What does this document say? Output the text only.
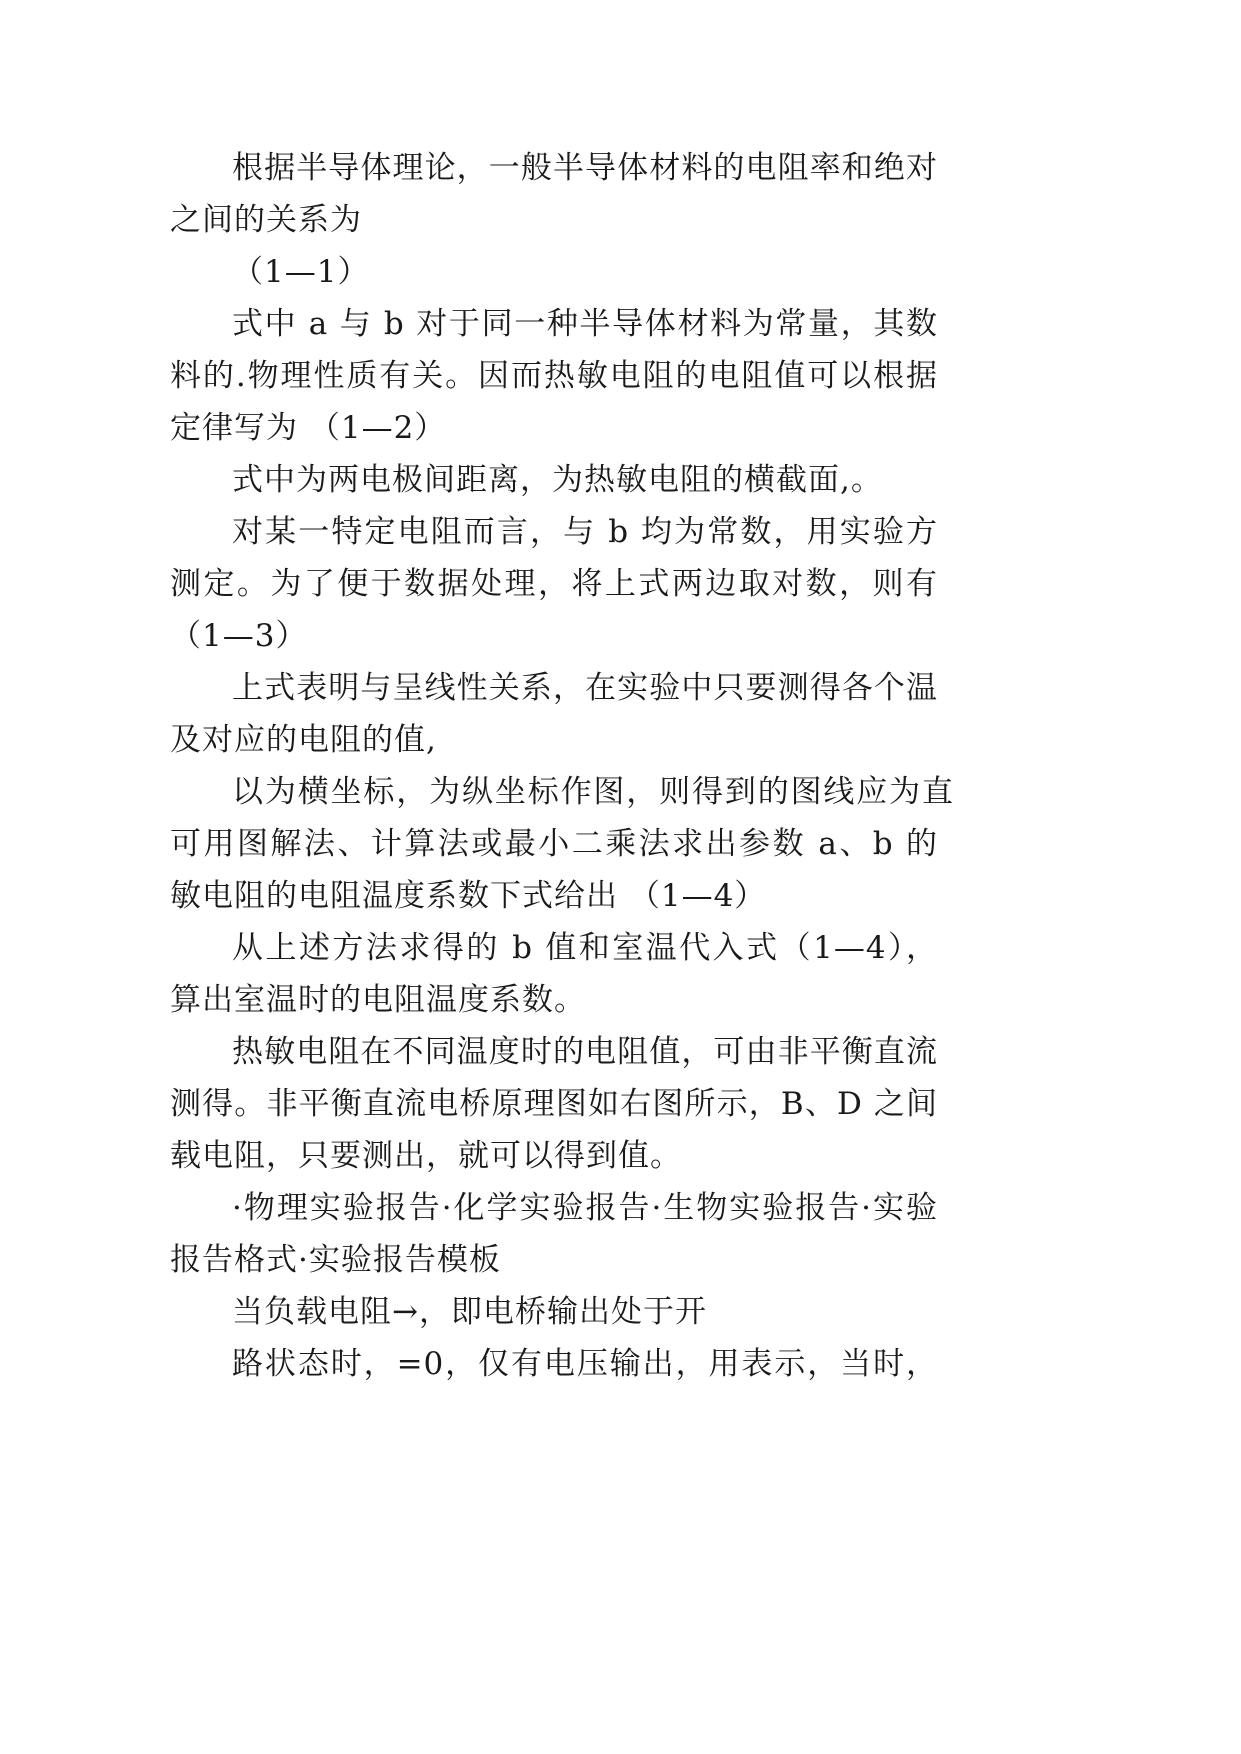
根据半导体理论，一般半导体材料的电阻率和绝对
之间的关系为
（1—1）
式中 a 与 b 对于同一种半导体材料为常量，其数
料的.物理性质有关。因而热敏电阻的电阻值可以根据
定律写为 （1—2）
式中为两电极间距离，为热敏电阻的横截面,。
对某一特定电阻而言，与 b 均为常数，用实验方
测定。为了便于数据处理，将上式两边取对数，则有
（1—3）
上式表明与呈线性关系，在实验中只要测得各个温
及对应的电阻的值,
以为横坐标，为纵坐标作图，则得到的图线应为直
可用图解法、计算法或最小二乘法求出参数 a、b 的
敏电阻的电阻温度系数下式给出 （1—4）
从上述方法求得的 b 值和室温代入式（1—4），
算出室温时的电阻温度系数。
热敏电阻在不同温度时的电阻值，可由非平衡直流
测得。非平衡直流电桥原理图如右图所示，B、D 之间
载电阻，只要测出，就可以得到值。
·物理实验报告·化学实验报告·生物实验报告·实验
报告格式·实验报告模板
当负载电阻→，即电桥输出处于开
路状态时，=0，仅有电压输出，用表示，当时，
